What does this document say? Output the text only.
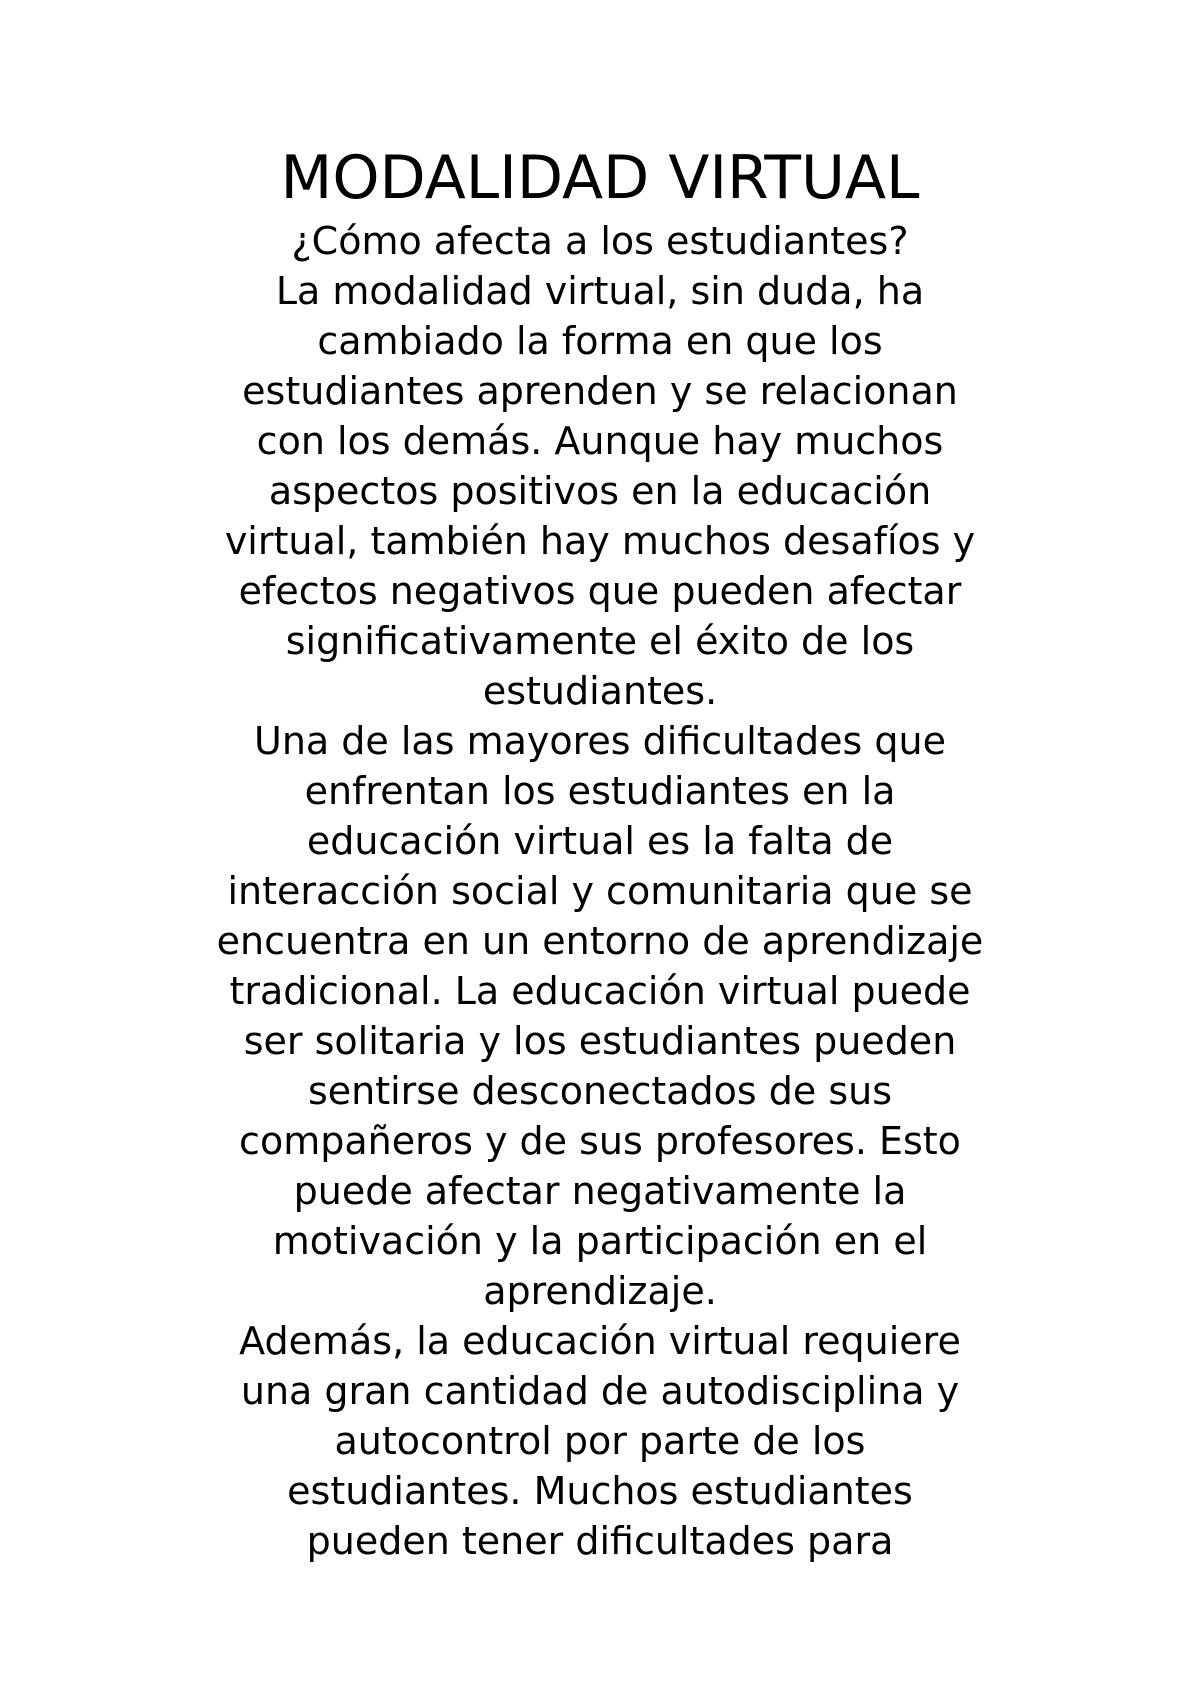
MODALIDAD VIRTUAL
¿Cómo afecta a los estudiantes?

La modalidad virtual, sin duda, ha
cambiado la forma en que los
estudiantes aprenden y se relacionan
con los demás. Aunque hay muchos
aspectos positivos en la educación
virtual, también hay muchos desafíos y
efectos negativos que pueden afectar
significativamente el éxito de los
estudiantes.

Una de las mayores dificultades que
enfrentan los estudiantes en la
educación virtual es la falta de
interacción social y comunitaria que se
encuentra en un entorno de aprendizaje
tradicional. La educación virtual puede
ser solitaria y los estudiantes pueden
sentirse desconectados de sus
compañeros y de sus profesores. Esto
puede afectar negativamente la
motivación y la participación en el
aprendizaje.

Además, la educación virtual requiere
una gran cantidad de autodisciplina y
autocontrol por parte de los
estudiantes. Muchos estudiantes
pueden tener dificultades para
